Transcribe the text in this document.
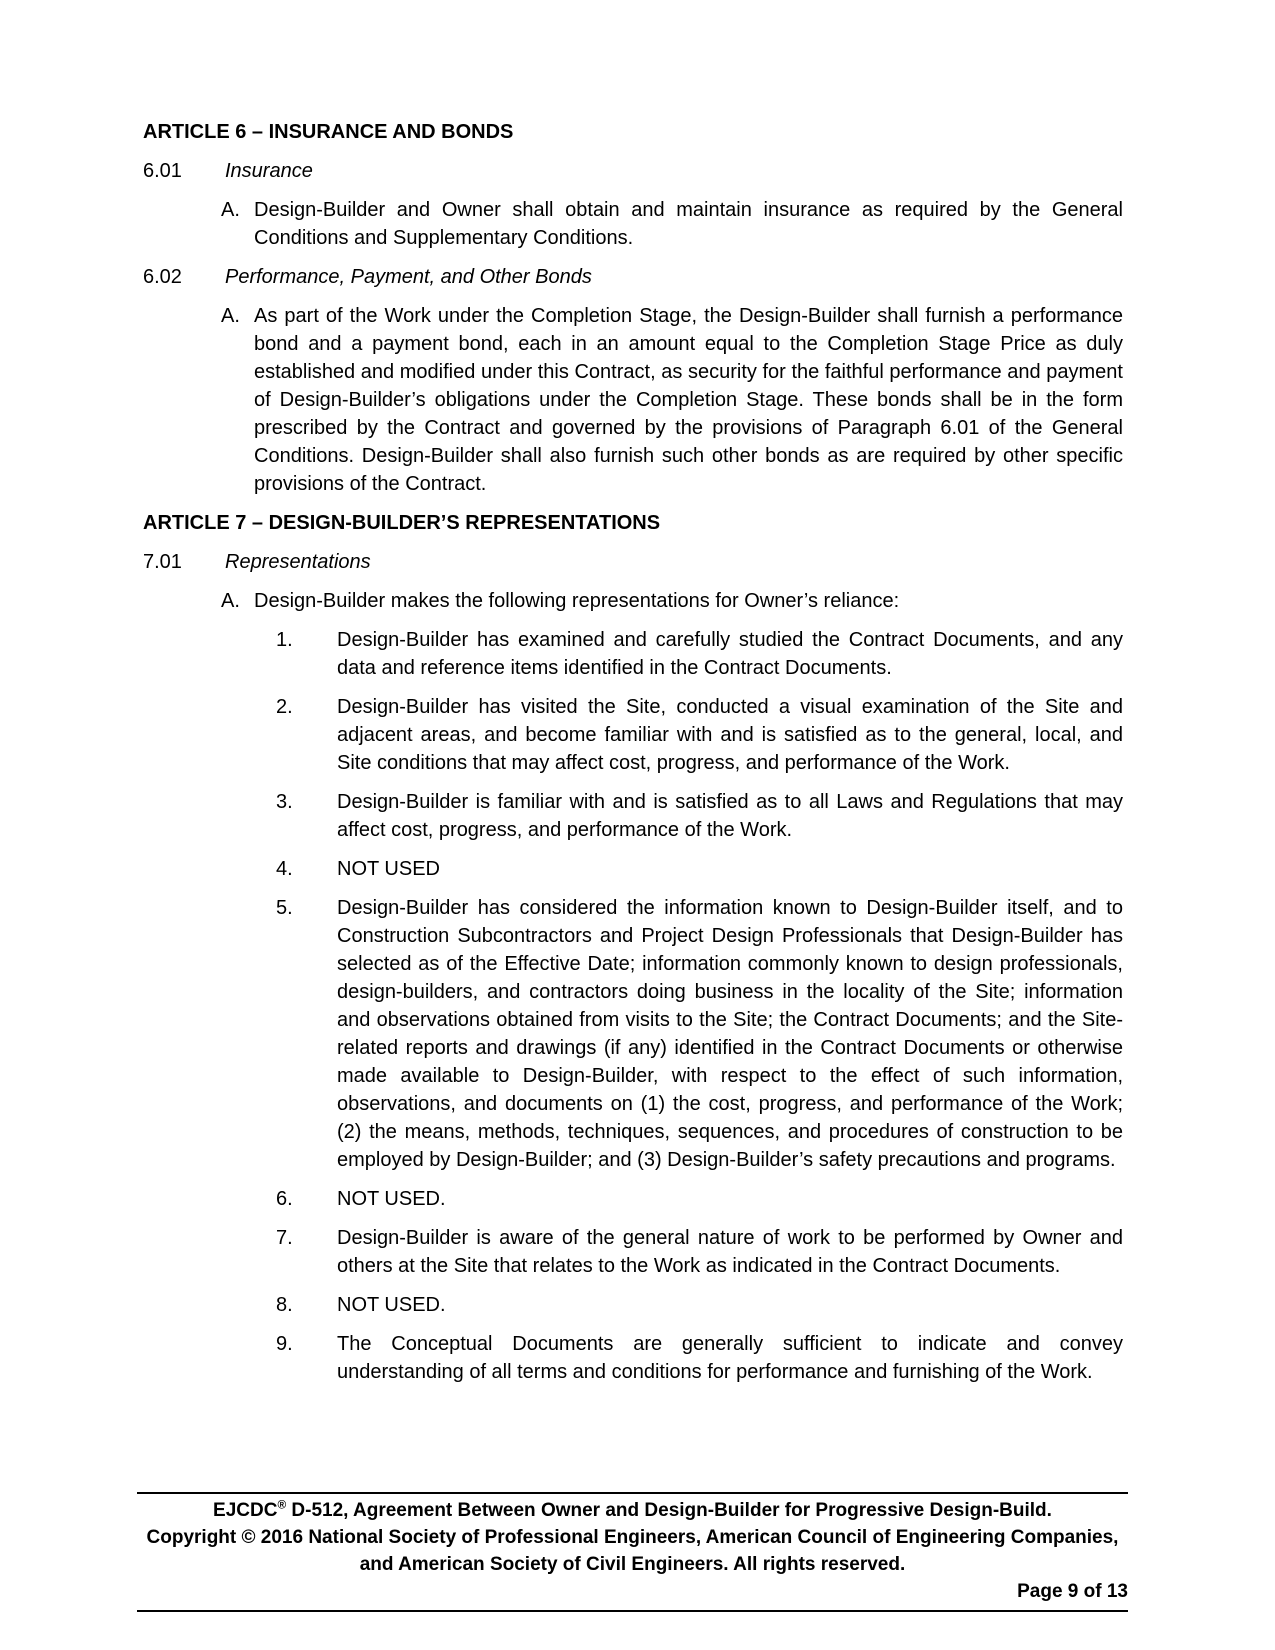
ARTICLE 6 – INSURANCE AND BONDS
6.01	Insurance
A. Design-Builder and Owner shall obtain and maintain insurance as required by the General Conditions and Supplementary Conditions.
6.02	Performance, Payment, and Other Bonds
A. As part of the Work under the Completion Stage, the Design-Builder shall furnish a performance bond and a payment bond, each in an amount equal to the Completion Stage Price as duly established and modified under this Contract, as security for the faithful performance and payment of Design-Builder’s obligations under the Completion Stage. These bonds shall be in the form prescribed by the Contract and governed by the provisions of Paragraph 6.01 of the General Conditions. Design-Builder shall also furnish such other bonds as are required by other specific provisions of the Contract.
ARTICLE 7 – DESIGN-BUILDER’S REPRESENTATIONS
7.01	Representations
A. Design-Builder makes the following representations for Owner’s reliance:
1.	Design-Builder has examined and carefully studied the Contract Documents, and any data and reference items identified in the Contract Documents.
2.	Design-Builder has visited the Site, conducted a visual examination of the Site and adjacent areas, and become familiar with and is satisfied as to the general, local, and Site conditions that may affect cost, progress, and performance of the Work.
3.	Design-Builder is familiar with and is satisfied as to all Laws and Regulations that may affect cost, progress, and performance of the Work.
4.	NOT USED
5.	Design-Builder has considered the information known to Design-Builder itself, and to Construction Subcontractors and Project Design Professionals that Design-Builder has selected as of the Effective Date; information commonly known to design professionals, design-builders, and contractors doing business in the locality of the Site; information and observations obtained from visits to the Site; the Contract Documents; and the Site-related reports and drawings (if any) identified in the Contract Documents or otherwise made available to Design-Builder, with respect to the effect of such information, observations, and documents on (1) the cost, progress, and performance of the Work; (2) the means, methods, techniques, sequences, and procedures of construction to be employed by Design-Builder; and (3) Design-Builder’s safety precautions and programs.
6.	NOT USED.
7.	Design-Builder is aware of the general nature of work to be performed by Owner and others at the Site that relates to the Work as indicated in the Contract Documents.
8.	NOT USED.
9.	The Conceptual Documents are generally sufficient to indicate and convey understanding of all terms and conditions for performance and furnishing of the Work.
EJCDC® D-512, Agreement Between Owner and Design-Builder for Progressive Design-Build.
Copyright © 2016 National Society of Professional Engineers, American Council of Engineering Companies,
and American Society of Civil Engineers. All rights reserved.
Page 9 of 13
